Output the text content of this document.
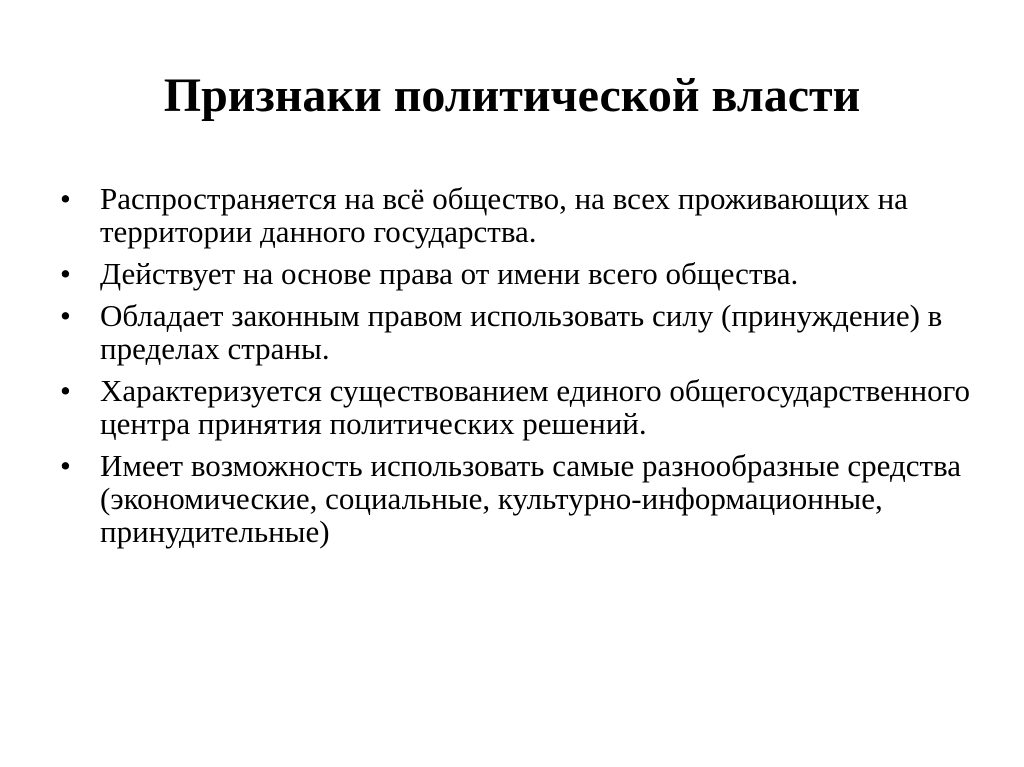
Признаки политической власти
• Распространяется на всё общество, на всех проживающих на территории данного государства.
• Действует на основе права от имени всего общества.
• Обладает законным правом использовать силу (принуждение) в пределах страны.
• Характеризуется существованием единого общегосударственного центра принятия политических решений.
• Имеет возможность использовать самые разнообразные средства (экономические, социальные, культурно-информационные, принудительные)
